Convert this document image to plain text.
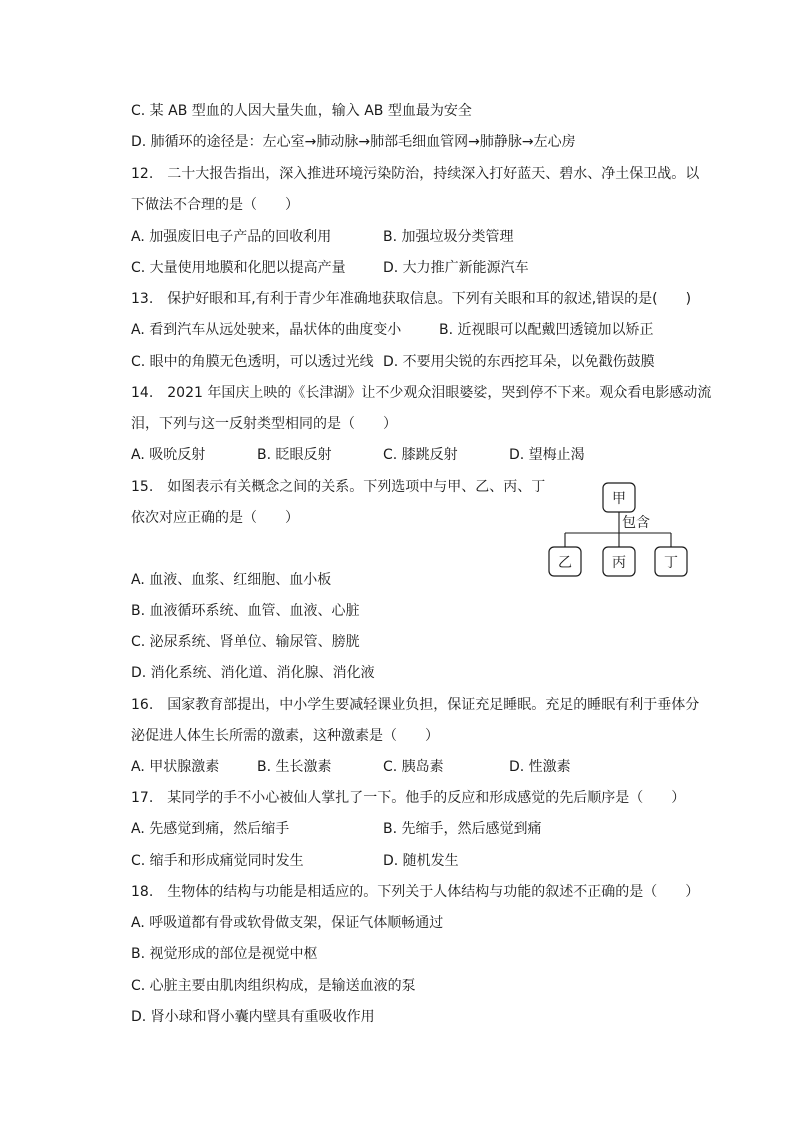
C. 某 AB 型血的人因大量失血，输入 AB 型血最为安全
D. 肺循环的途径是：左心室→肺动脉→肺部毛细血管网→肺静脉→左心房
12.　二十大报告指出，深入推进环境污染防治，持续深入打好蓝天、碧水、净土保卫战。以
下做法不合理的是（　　）
A. 加强废旧电子产品的回收利用	B. 加强垃圾分类管理
C. 大量使用地膜和化肥以提高产量	D. 大力推广新能源汽车
13.　保护好眼和耳,有利于青少年准确地获取信息。下列有关眼和耳的叙述,错误的是(　　)
A. 看到汽车从远处驶来，晶状体的曲度变小	B. 近视眼可以配戴凹透镜加以矫正
C. 眼中的角膜无色透明，可以透过光线 D. 不要用尖锐的东西挖耳朵，以免戳伤鼓膜
14.　2021 年国庆上映的《长津湖》让不少观众泪眼婆娑，哭到停不下来。观众看电影感动流
泪，下列与这一反射类型相同的是（　　）
A. 吸吮反射	B. 眨眼反射	C. 膝跳反射	D. 望梅止渴
15.　如图表示有关概念之间的关系。下列选项中与甲、乙、丙、丁
依次对应正确的是（　　）
甲
包含
乙	丙	丁
A. 血液、血浆、红细胞、血小板
B. 血液循环系统、血管、血液、心脏
C. 泌尿系统、肾单位、输尿管、膀胱
D. 消化系统、消化道、消化腺、消化液
16.　国家教育部提出，中小学生要减轻课业负担，保证充足睡眠。充足的睡眠有利于垂体分
泌促进人体生长所需的激素，这种激素是（　　）
A. 甲状腺激素	B. 生长激素	C. 胰岛素	D. 性激素
17.　某同学的手不小心被仙人掌扎了一下。他手的反应和形成感觉的先后顺序是（　　）
A. 先感觉到痛，然后缩手	B. 先缩手，然后感觉到痛
C. 缩手和形成痛觉同时发生	D. 随机发生
18.　生物体的结构与功能是相适应的。下列关于人体结构与功能的叙述不正确的是（　　）
A. 呼吸道都有骨或软骨做支架，保证气体顺畅通过
B. 视觉形成的部位是视觉中枢
C. 心脏主要由肌肉组织构成，是输送血液的泵
D. 肾小球和肾小囊内壁具有重吸收作用
